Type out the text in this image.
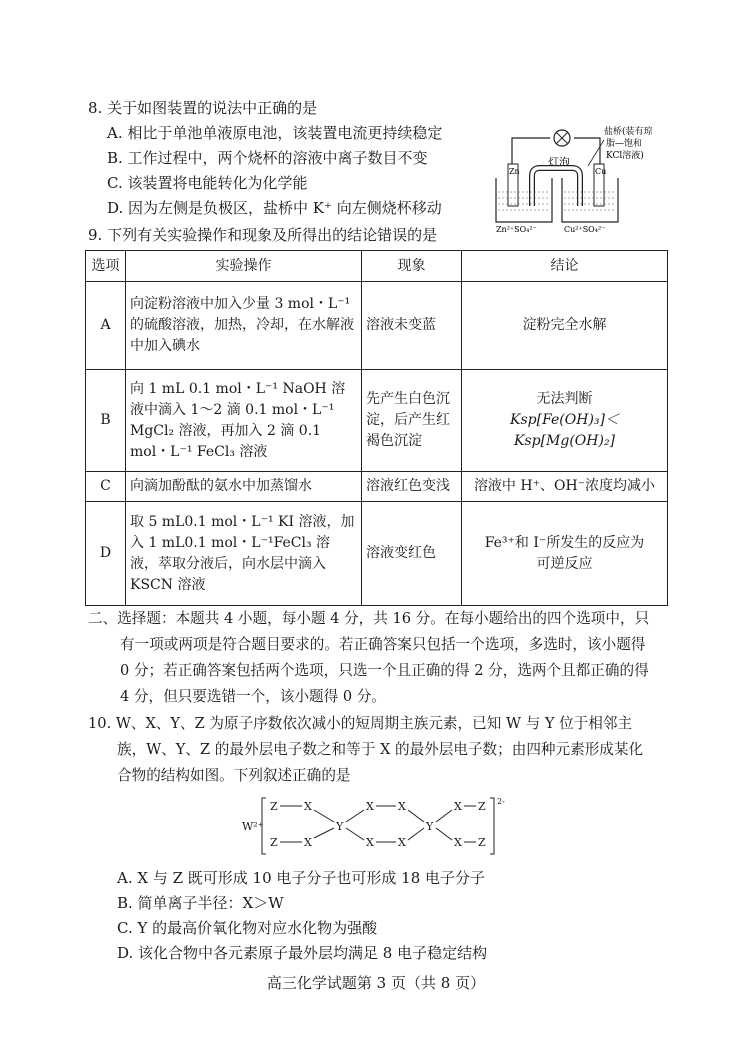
8. 关于如图装置的说法中正确的是
A. 相比于单池单液原电池，该装置电流更持续稳定
B. 工作过程中，两个烧杯的溶液中离子数目不变
C. 该装置将电能转化为化学能
D. 因为左侧是负极区，盐桥中 K⁺ 向左侧烧杯移动
灯泡
盐桥(装有琼
脂—饱和
KCl溶液)
Zn	Cu
Zn²⁺SO₄²⁻	Cu²⁺SO₄²⁻
9. 下列有关实验操作和现象及所得出的结论错误的是
选项	实验操作	现象	结论
A	向淀粉溶液中加入少量 3 mol・L⁻¹的硫酸溶液，加热，冷却，在水解液中加入碘水	溶液未变蓝	淀粉完全水解
B	向 1 mL 0.1 mol・L⁻¹ NaOH 溶液中滴入 1～2 滴 0.1 mol・L⁻¹ MgCl₂ 溶液，再加入 2 滴 0.1 mol・L⁻¹ FeCl₃ 溶液	先产生白色沉淀，后产生红褐色沉淀	无法判断
Ksp[Fe(OH)₃]＜Ksp[Mg(OH)₂]

C	向滴加酚酞的氨水中加蒸馏水	溶液红色变浅	溶液中 H⁺、OH⁻浓度均减小
D	取 5 mL0.1 mol・L⁻¹ KI 溶液，加入 1 mL0.1 mol・L⁻¹FeCl₃ 溶液，萃取分液后，向水层中滴入 KSCN 溶液	溶液变红色	Fe³⁺和 I⁻所发生的反应为
可逆反应
二、选择题：本题共 4 小题，每小题 4 分，共 16 分。在每小题给出的四个选项中，只
有一项或两项是符合题目要求的。若正确答案只包括一个选项，多选时，该小题得
0 分；若正确答案包括两个选项，只选一个且正确的得 2 分，选两个且都正确的得
4 分，但只要选错一个，该小题得 0 分。
10. W、X、Y、Z 为原子序数依次减小的短周期主族元素，已知 W 与 Y 位于相邻主
族，W、Y、Z 的最外层电子数之和等于 X 的最外层电子数；由四种元素形成某化
合物的结构如图。下列叙述正确的是
W²⁺
2-
Z X
Z X
Y
X X
X X
Y
X Z
X Z
A. X 与 Z 既可形成 10 电子分子也可形成 18 电子分子
B. 简单离子半径：X＞W
C. Y 的最高价氧化物对应水化物为强酸
D. 该化合物中各元素原子最外层均满足 8 电子稳定结构
高三化学试题第 3 页（共 8 页）
